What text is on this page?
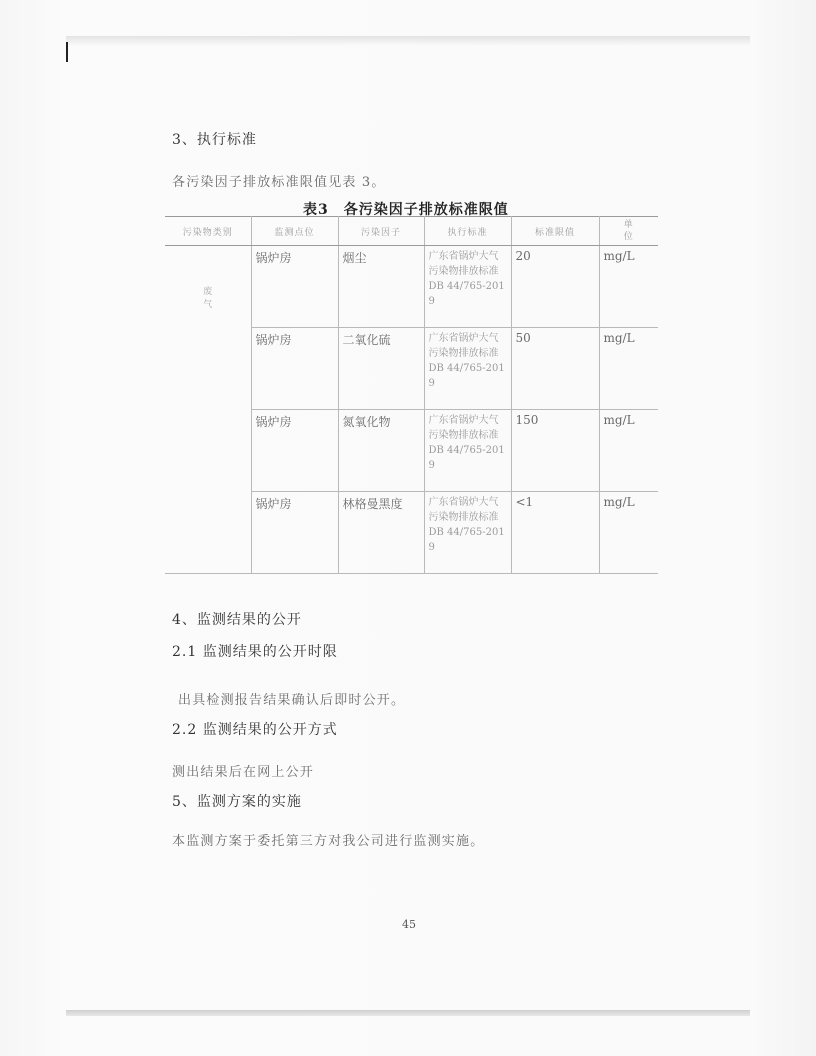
3、执行标准
各污染因子排放标准限值见表 3。
表3　各污染因子排放标准限值
污染物类别	监测点位	污染因子	执行标准	标准限值	单位
废气	锅炉房	烟尘	广东省锅炉大气污染物排放标准DB 44/765-2019	20	mg/L
	锅炉房	二氧化硫	广东省锅炉大气污染物排放标准DB 44/765-2019	50	mg/L
	锅炉房	氮氧化物	广东省锅炉大气污染物排放标准DB 44/765-2019	150	mg/L
	锅炉房	林格曼黑度	广东省锅炉大气污染物排放标准DB 44/765-2019	<1	mg/L
4、监测结果的公开
2.1 监测结果的公开时限
出具检测报告结果确认后即时公开。
2.2 监测结果的公开方式
测出结果后在网上公开
5、监测方案的实施
本监测方案于委托第三方对我公司进行监测实施。
45
